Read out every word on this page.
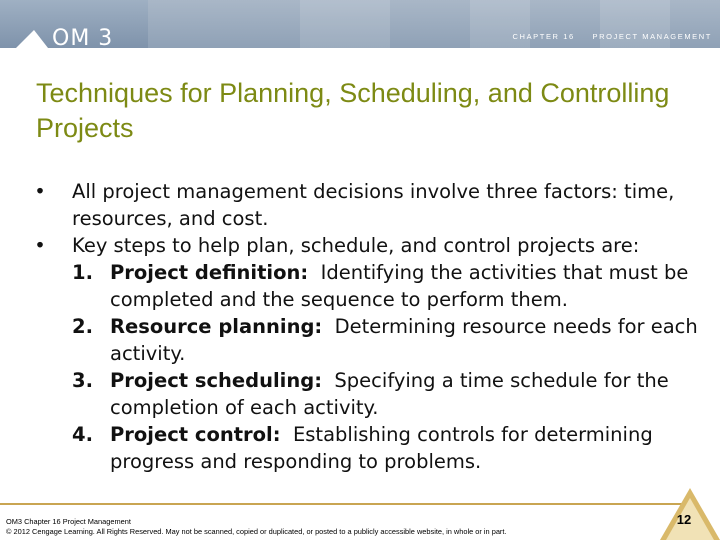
OM 3	CHAPTER 16 PROJECT MANAGEMENT
Techniques for Planning, Scheduling, and Controlling Projects
• All project management decisions involve three factors: time, resources, and cost.
• Key steps to help plan, schedule, and control projects are:
1. Project definition: Identifying the activities that must be completed and the sequence to perform them.
2. Resource planning: Determining resource needs for each activity.
3. Project scheduling: Specifying a time schedule for the completion of each activity.
4. Project control: Establishing controls for determining progress and responding to problems.
OM3 Chapter 16 Project Management
© 2012 Cengage Learning. All Rights Reserved. May not be scanned, copied or duplicated, or posted to a publicly accessible website, in whole or in part.
12
